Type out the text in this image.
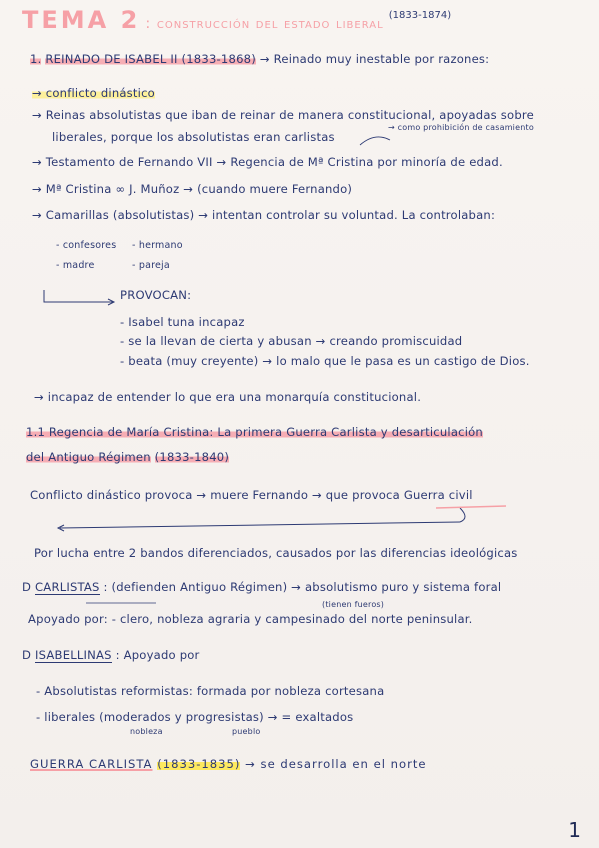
TEMA 2 : construcción del estado liberal $^{(1833-1874)}$
1. REINADO DE ISABEL II (1833-1868) → Reinado muy inestable por razones:
→ conflicto dinástico
→ Reinas absolutistas que iban de reinar de manera constitucional, apoyadas sobre
liberales, porque los absolutistas eran carlistas
→ como prohibición de casamiento
→ Testamento de Fernando VII → Regencia de Mª Cristina por minoría de edad.
→ Mª Cristina ∞ J. Muñoz → (cuando muere Fernando)
→ Camarillas (absolutistas) → intentan controlar su voluntad. La controlaban:
- confesores - hermano
- madre	- pareja
PROVOCAN:
- Isabel tuna incapaz
- se la llevan de cierta y abusan → creando promiscuidad
- beata (muy creyente) → lo malo que le pasa es un castigo de Dios.
→ incapaz de entender lo que era una monarquía constitucional.
1.1 Regencia de María Cristina: La primera Guerra Carlista y desarticulación
del Antiguo Régimen (1833-1840)
Conflicto dinástico provoca → muere Fernando → que provoca Guerra civil
Por lucha entre 2 bandos diferenciados, causados por las diferencias ideológicas
D CARLISTAS : (defienden Antiguo Régimen) → absolutismo puro y sistema foral
(tienen fueros)
Apoyado por: - clero, nobleza agraria y campesinado del norte peninsular.
D ISABELLINAS : Apoyado por
- Absolutistas reformistas: formada por nobleza cortesana
- liberales (moderados y progresistas) → = exaltados
nobleza	pueblo
GUERRA CARLISTA (1833-1835) → se desarrolla en el norte
1
